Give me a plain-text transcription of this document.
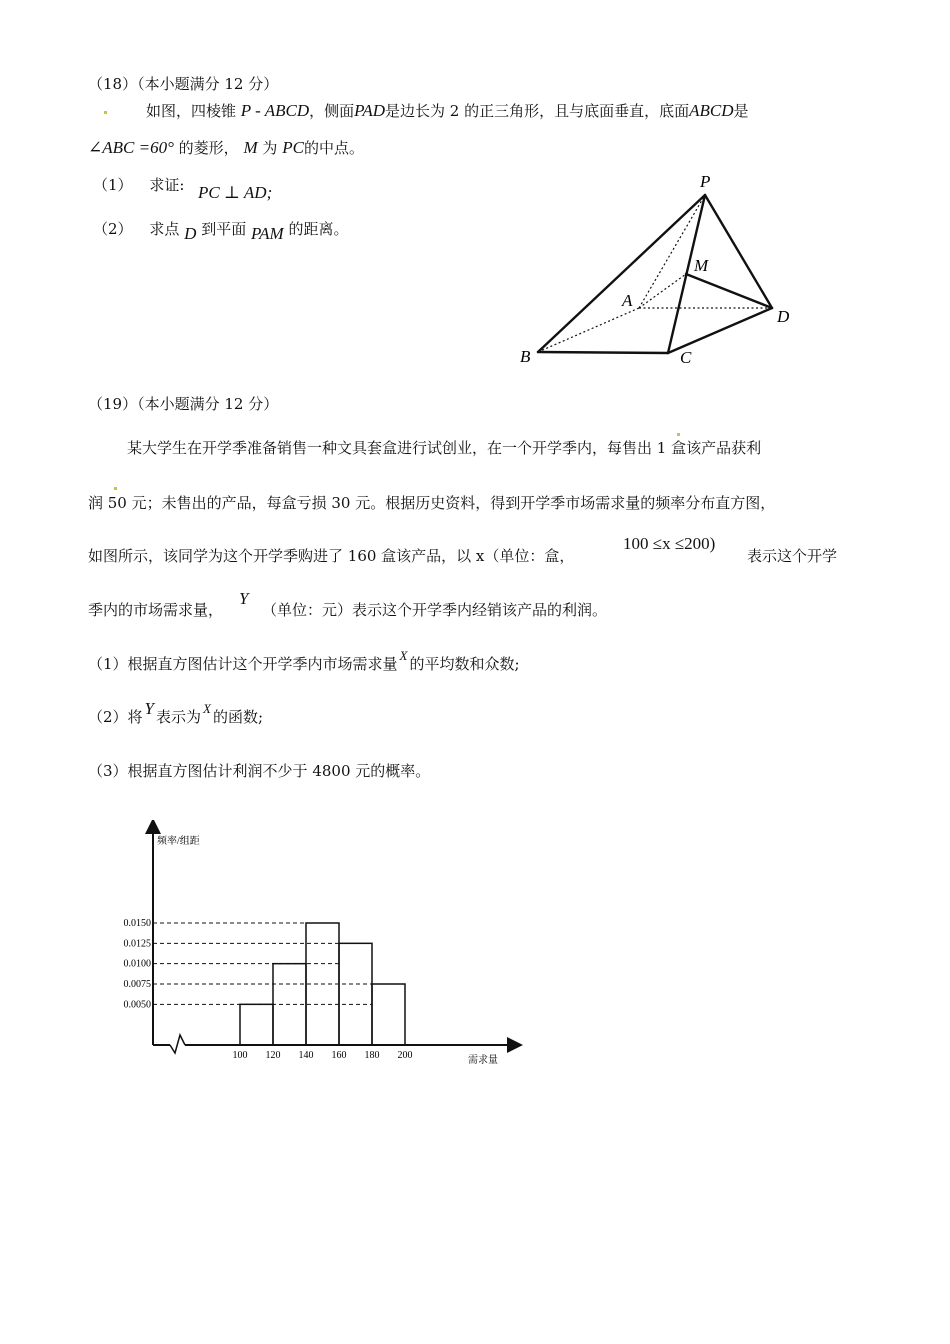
（18）（本小题满分 12 分）
如图，四棱锥 P - ABCD，侧面PAD是边长为 2 的正三角形，且与底面垂直，底面ABCD是
∠ABC =60° 的菱形， M 为 PC的中点。
（1） 求证: PC ⊥ AD;
（2） 求点 D 到平面 PAM 的距离。
P
M
A
B	C
D
（19）（本小题满分 12 分）
某大学生在开学季准备销售一种文具套盒进行试创业，在一个开学季内，每售出 1 盒该产品获利
润 50 元；未售出的产品，每盒亏损 30 元。根据历史资料，得到开学季市场需求量的频率分布直方图，
如图所示，该同学为这个开学季购进了 160 盒该产品，以 x（单位：盒，
100 ≤x ≤200)
表示这个开学
季内的市场需求量，
Y
（单位：元）表示这个开学季内经销该产品的利润。
（1）根据直方图估计这个开学季内市场需求量 X 的平均数和众数;
（2）将 Y 表示为 X 的函数;
（3）根据直方图估计利润不少于 4800 元的概率。
频率/组距
需求量
0.0150
0.0125
0.0100
0.0075
0.0050
100 120 140 160 180 200
